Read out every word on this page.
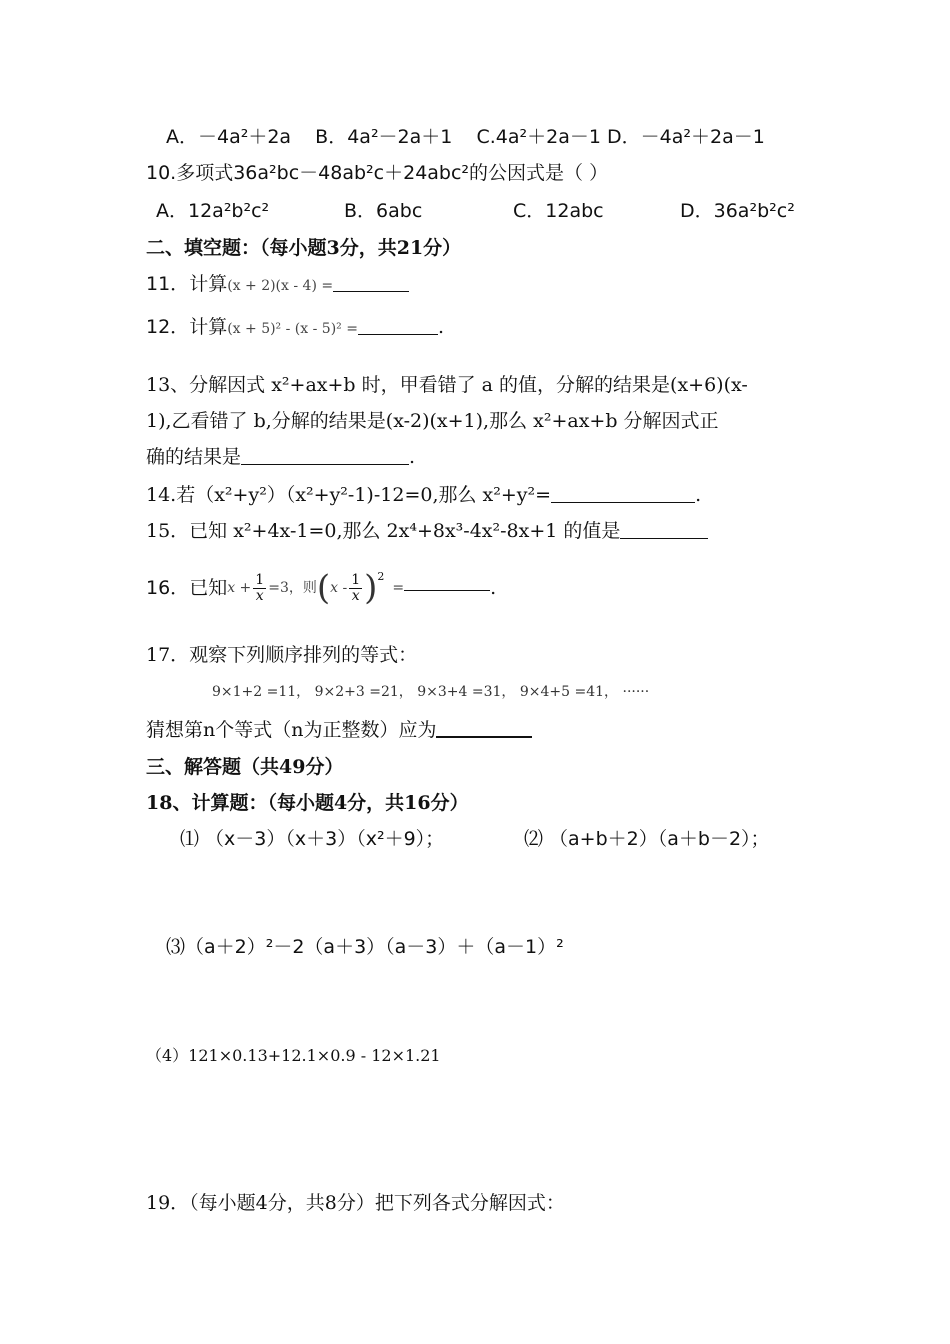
A．－4a²＋2a B．4a²－2a＋1 C.4a²＋2a－1 D．－4a²＋2a－1
10.多项式36a²bc－48ab²c＋24abc²的公因式是（ ）
A．12a²b²c²	B．6abc	C．12abc	D．36a²b²c²
二、填空题：（每小题3分，共21分）
11．计算(x + 2)(x - 4) =
12．计算(x + 5)² - (x - 5)² =	.
13、分解因式 x²+ax+b 时，甲看错了 a 的值，分解的结果是(x+6)(x-
1),乙看错了 b,分解的结果是(x-2)(x+1),那么 x²+ax+b 分解因式正
确的结果是	.
14.若（x²+y²）（x²+y²-1)-12=0,那么 x²+y²=	.
15．已知 x²+4x-1=0,那么 2x⁴+8x³-4x²-8x+1 的值是
16． 已知 $x + \frac{1}{x} =3$，则 ( x - $\frac{1}{x}$ ) 2
=	.
17．观察下列顺序排列的等式：
9×1+2 =11， 9×2+3 =21， 9×3+4 =31， 9×4+5 =41， ······
猜想第n个等式（n为正整数）应为
三、解答题（共49分）
18、计算题：（每小题4分，共16分）
⑴ （x－3）（x＋3）（x²＋9）；	⑵ （a+b＋2）（a＋b－2）；
⑶（a＋2）²－2（a＋3）（a－3）＋（a－1）²
（4）121×0.13+12.1×0.9 - 12×1.21
19．（每小题4分，共8分）把下列各式分解因式：
